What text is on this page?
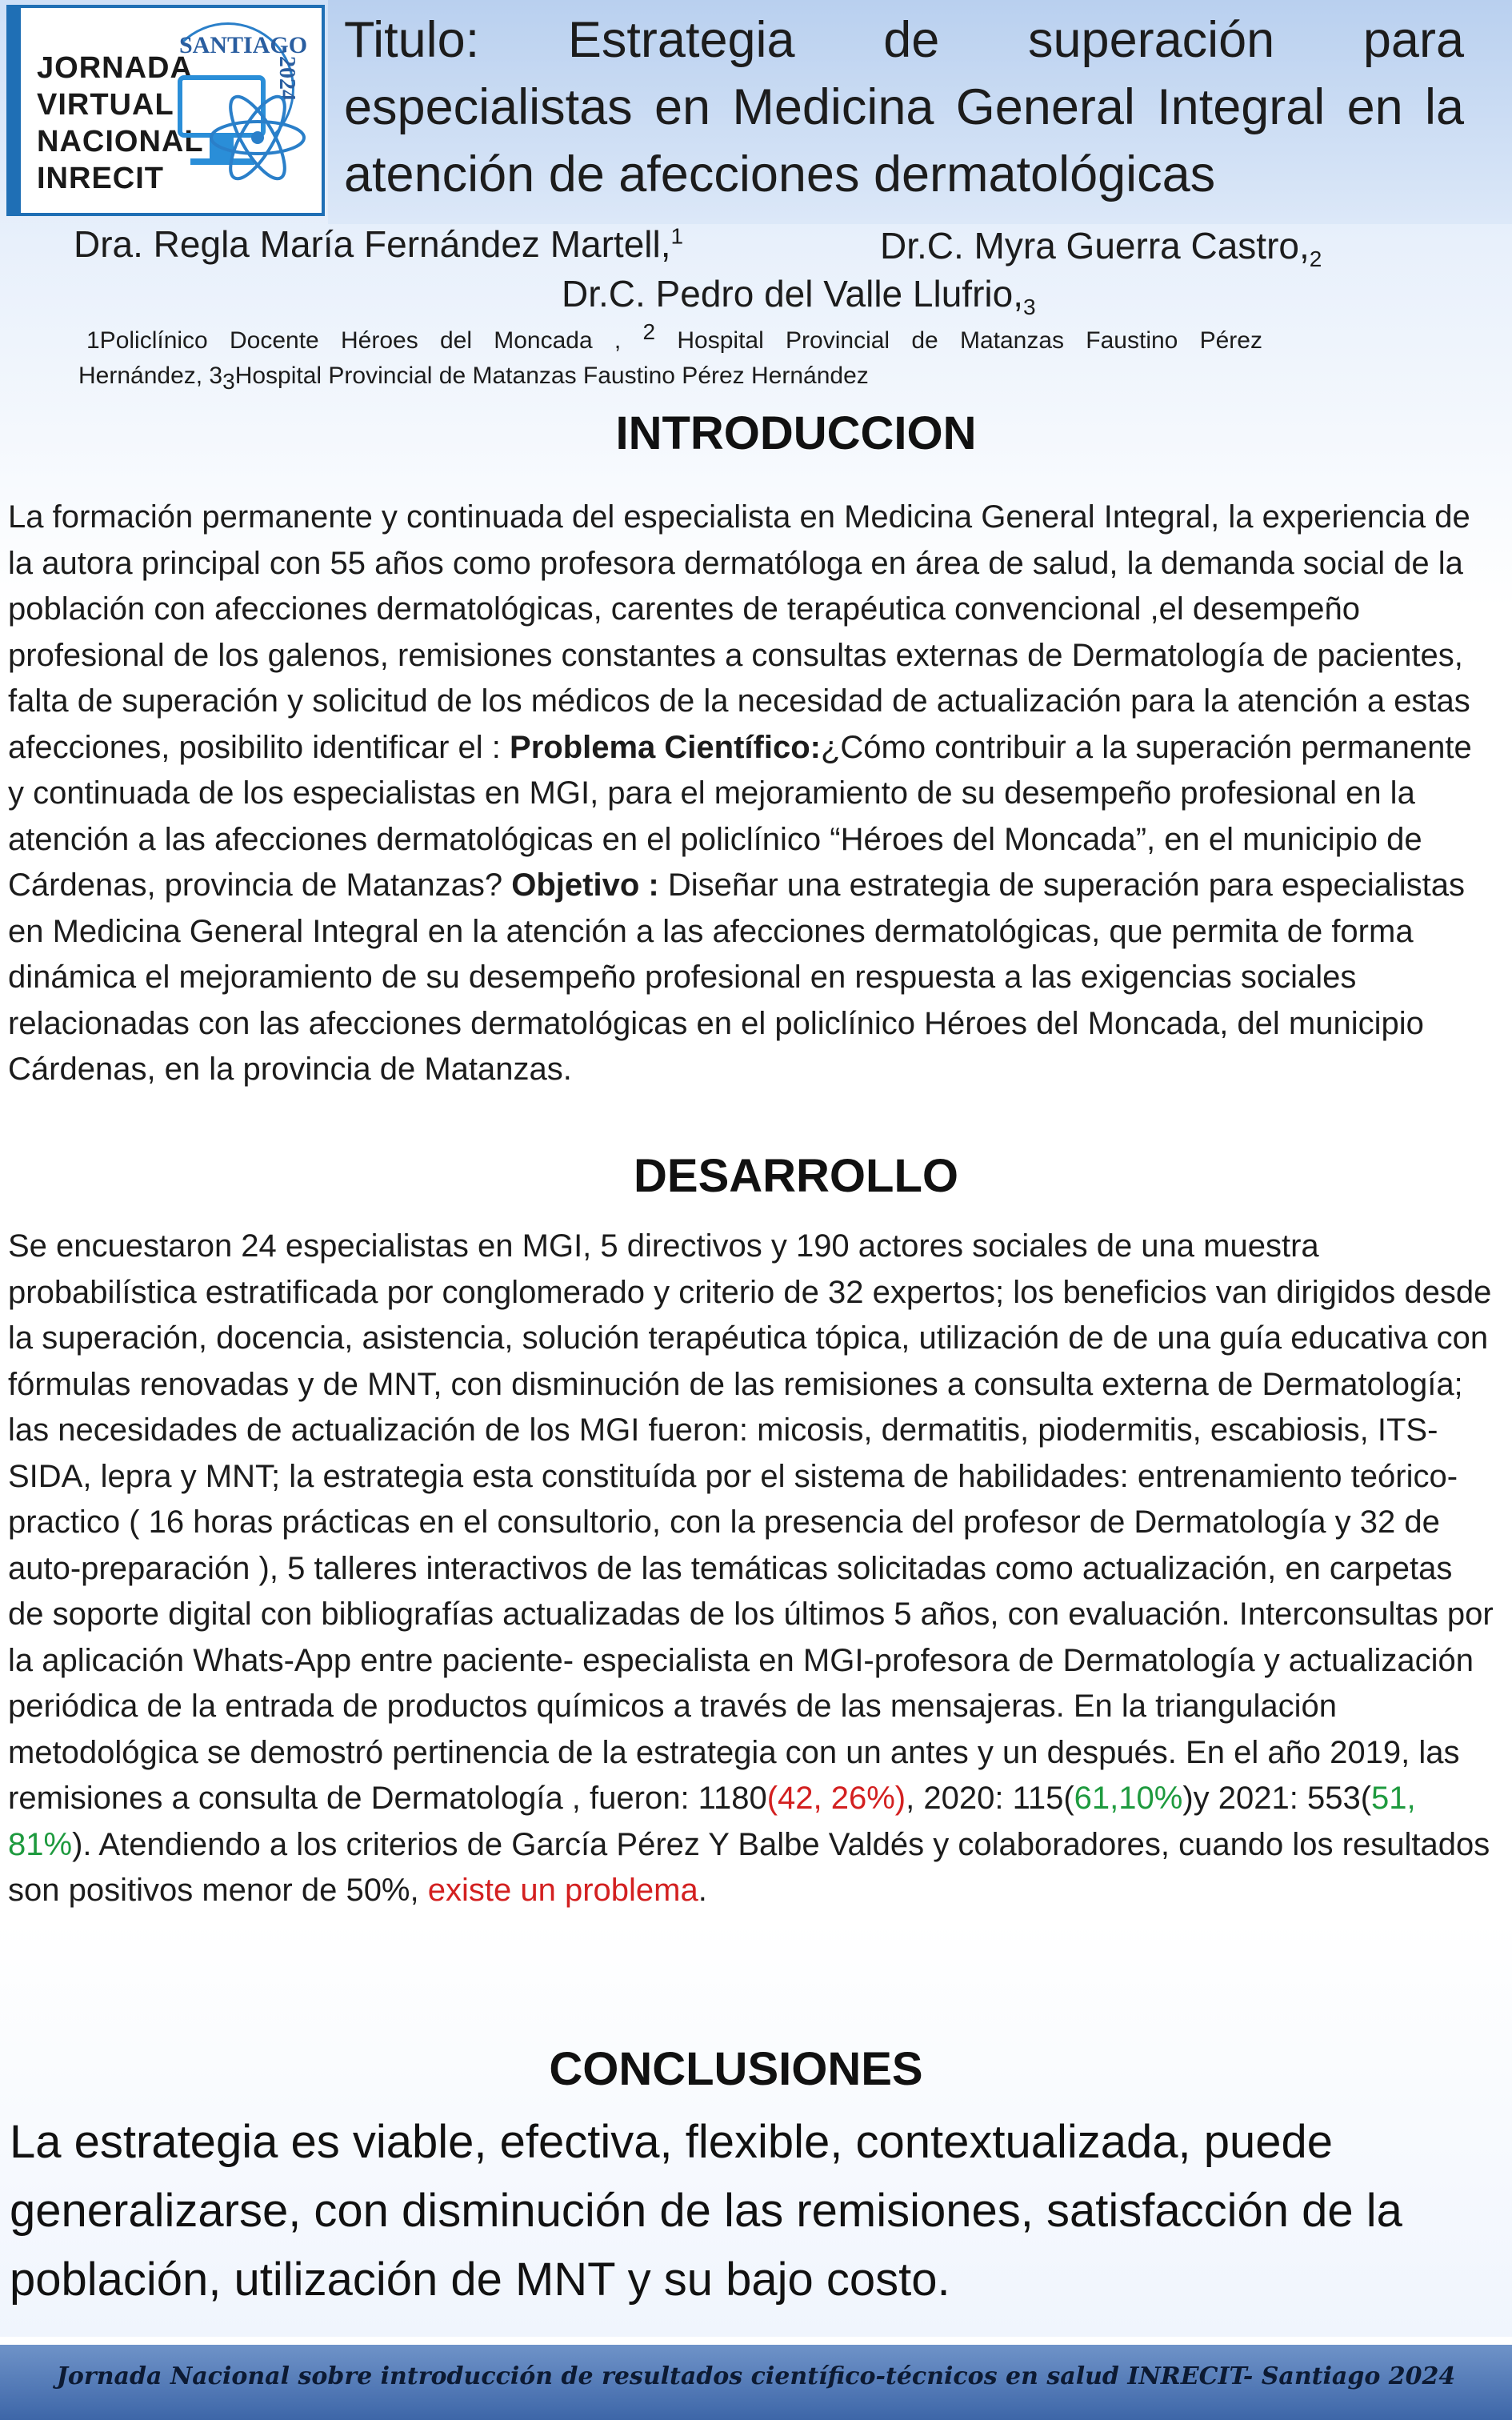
JORNADA
VIRTUAL
NACIONAL
INRECIT
SANTIAGO
2024
Titulo: Estrategia de superación para especialistas en Medicina General Integral en la atención de afecciones dermatológicas
Dra. Regla María Fernández Martell,$^1$	Dr.C. Myra Guerra $Castro,_2$
Dr.C. Pedro del Valle $Llufrio,_3$
1Policlínico Docente Héroes del Moncada , 2 Hospital Provincial de Matanzas Faustino Pérez
Hernández, 33Hospital Provincial de Matanzas Faustino Pérez Hernández
INTRODUCCION
La formación permanente y continuada del especialista en Medicina General Integral, la experiencia de la autora principal con 55 años como profesora dermatóloga en área de salud, la demanda social de la población con afecciones dermatológicas, carentes de terapéutica convencional ,el desempeño profesional de los galenos, remisiones constantes a consultas externas de Dermatología de pacientes, falta de superación y solicitud de los médicos de la necesidad de actualización para la atención a estas afecciones, posibilito identificar el : Problema Científico:¿Cómo contribuir a la superación permanente y continuada de los especialistas en MGI, para el mejoramiento de su desempeño profesional en la atención a las afecciones dermatológicas en el policlínico “Héroes del Moncada”, en el municipio de Cárdenas, provincia de Matanzas? Objetivo : Diseñar una estrategia de superación para especialistas en Medicina General Integral en la atención a las afecciones dermatológicas, que permita de forma dinámica el mejoramiento de su desempeño profesional en respuesta a las exigencias sociales relacionadas con las afecciones dermatológicas en el policlínico Héroes del Moncada, del municipio Cárdenas, en la provincia de Matanzas.
DESARROLLO
Se encuestaron 24 especialistas en MGI, 5 directivos y 190 actores sociales de una muestra probabilística estratificada por conglomerado y criterio de 32 expertos; los beneficios van dirigidos desde la superación, docencia, asistencia, solución terapéutica tópica, utilización de de una guía educativa con fórmulas renovadas y de MNT, con disminución de las remisiones a consulta externa de Dermatología; las necesidades de actualización de los MGI fueron: micosis, dermatitis, piodermitis, escabiosis, ITS-SIDA, lepra y MNT; la estrategia esta constituída por el sistema de habilidades: entrenamiento teórico- practico ( 16 horas prácticas en el consultorio, con la presencia del profesor de Dermatología y 32 de auto-preparación ), 5 talleres interactivos de las temáticas solicitadas como actualización, en carpetas de soporte digital con bibliografías actualizadas de los últimos 5 años, con evaluación. Interconsultas por la aplicación Whats-App entre paciente- especialista en MGI-profesora de Dermatología y actualización periódica de la entrada de productos químicos a través de las mensajeras. En la triangulación metodológica se demostró pertinencia de la estrategia con un antes y un después. En el año 2019, las remisiones a consulta de Dermatología , fueron: 1180(42, 26%), 2020: 115(61,10%)y 2021: 553(51, 81%). Atendiendo a los criterios de García Pérez Y Balbe Valdés y colaboradores, cuando los resultados son positivos menor de 50%, existe un problema.
CONCLUSIONES
La estrategia es viable, efectiva, flexible, contextualizada, puede generalizarse, con disminución de las remisiones, satisfacción de la población, utilización de MNT y su bajo costo.
Jornada Nacional sobre introducción de resultados científico-técnicos en salud INRECIT- Santiago 2024
